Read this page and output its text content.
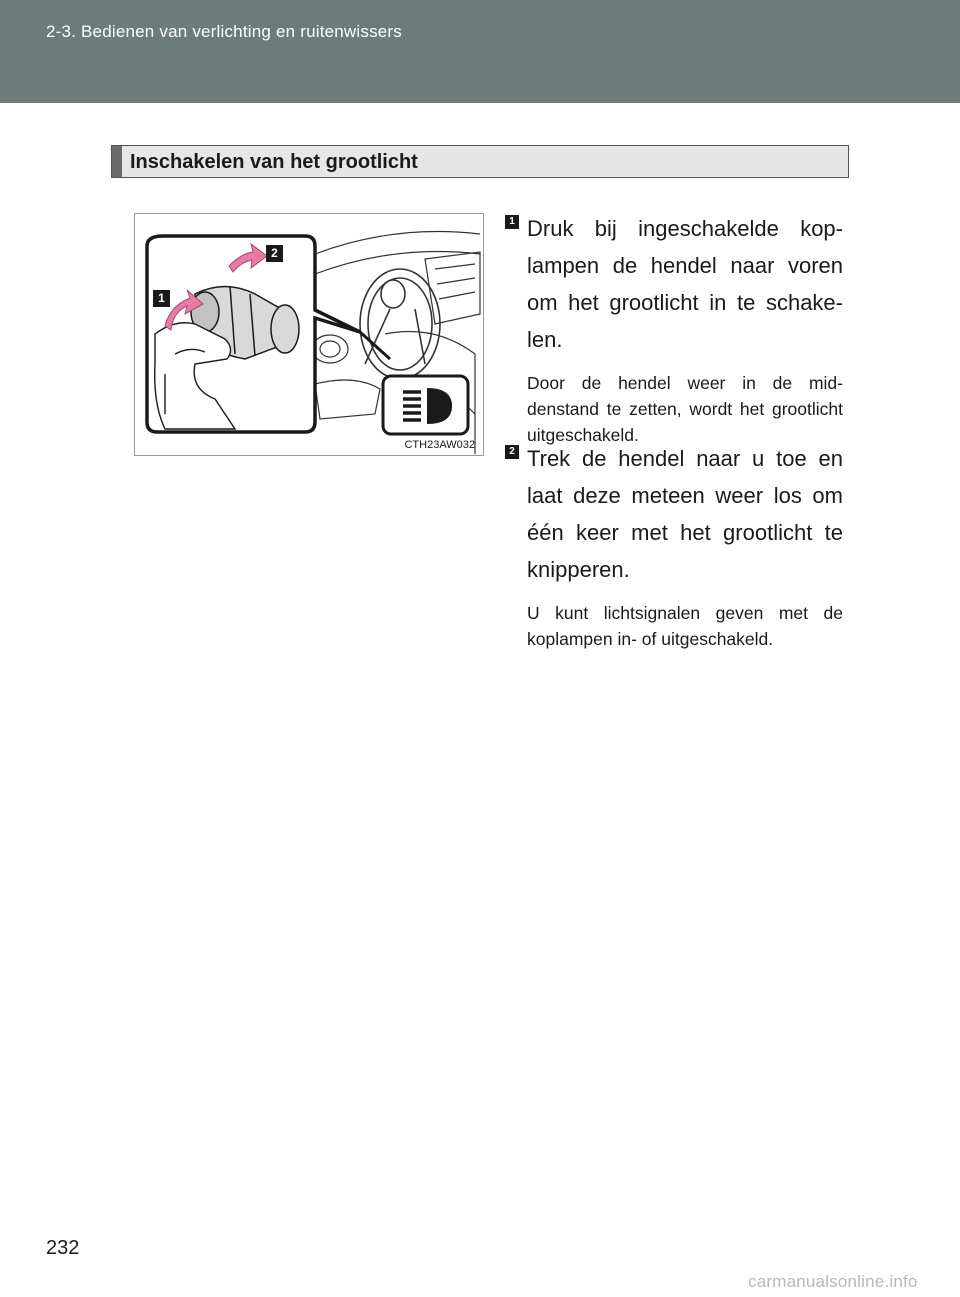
2-3. Bedienen van verlichting en ruitenwissers
Inschakelen van het grootlicht
1
2
CTH23AW032
1 Druk bij ingeschakelde kop-lampen de hendel naar voren om het grootlicht in te schake-len.
Door de hendel weer in de mid-denstand te zetten, wordt het grootlicht uitgeschakeld.
2 Trek de hendel naar u toe en laat deze meteen weer los om één keer met het grootlicht te knipperen.
U kunt lichtsignalen geven met de koplampen in- of uitgeschakeld.
232
carmanualsonline.info
